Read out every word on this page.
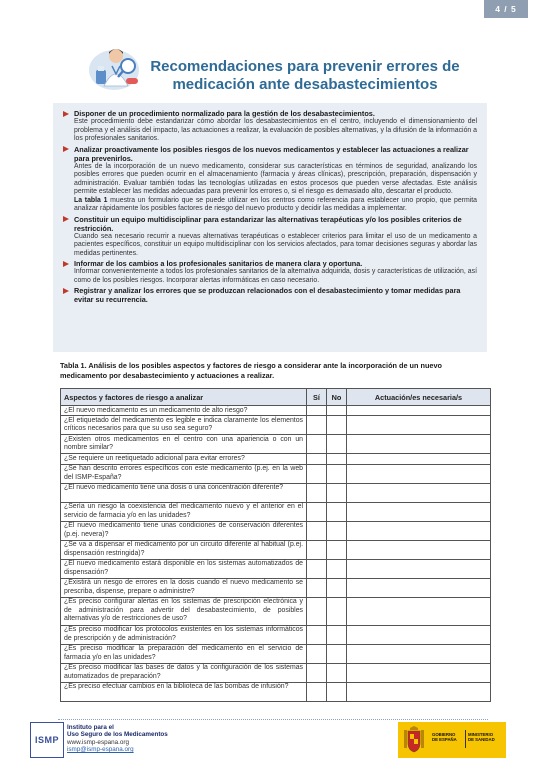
4 / 5
Recomendaciones para prevenir errores de
medicación ante desabastecimientos
Disponer de un procedimiento normalizado para la gestión de los desabastecimientos.

Este procedimiento debe estandarizar cómo abordar los desabastecimientos en el centro, incluyendo el dimensionamiento del problema y el análisis del impacto, las actuaciones a realizar, la evaluación de posibles alternativas, y la difusión de la información a los profesionales sanitarios.

Analizar proactivamente los posibles riesgos de los nuevos medicamentos y establecer las actuaciones a realizar para prevenirlos.

Antes de la incorporación de un nuevo medicamento, considerar sus características en términos de seguridad, analizando los posibles errores que pueden ocurrir en el almacenamiento (farmacia y áreas clínicas), prescripción, preparación, dispensación y administración. Evaluar también todas las tecnologías utilizadas en estos procesos que pueden verse afectadas. Este análisis permite establecer las medidas adecuadas para prevenir los errores o, si el riesgo es demasiado alto, descartar el producto.

La tabla 1 muestra un formulario que se puede utilizar en los centros como referencia para establecer uno propio, que permita analizar rápidamente los posibles factores de riesgo del nuevo producto y decidir las medidas a implementar.

Constituir un equipo multidisciplinar para estandarizar las alternativas terapéuticas y/o los posibles criterios de restricción.

Cuando sea necesario recurrir a nuevas alternativas terapéuticas o establecer criterios para limitar el uso de un medicamento a pacientes específicos, constituir un equipo multidisciplinar con los servicios afectados, para tomar decisiones seguras y abordar las medidas pertinentes.

Informar de los cambios a los profesionales sanitarios de manera clara y oportuna.

Informar convenientemente a todos los profesionales sanitarios de la alternativa adquirida, dosis y características de utilización, así como de los posibles riesgos. Incorporar alertas informáticas en caso necesario.

Registrar y analizar los errores que se produzcan relacionados con el desabastecimiento y tomar medidas para evitar su recurrencia.
Tabla 1. Análisis de los posibles aspectos y factores de riesgo a considerar ante la incorporación de un nuevo medicamento por desabastecimiento y actuaciones a realizar.
Aspectos y factores de riesgo a analizar	Sí	No	Actuación/es necesaria/s
¿El nuevo medicamento es un medicamento de alto riesgo?			
¿El etiquetado del medicamento es legible e indica claramente los elementos críticos necesarios para que su uso sea seguro?			
¿Existen otros medicamentos en el centro con una apariencia o con un nombre similar?			
¿Se requiere un reetiquetado adicional para evitar errores?			
¿Se han descrito errores específicos con este medicamento (p.ej. en la web del ISMP-España?			
¿El nuevo medicamento tiene una dosis o una concentración diferente?			
¿Sería un riesgo la coexistencia del medicamento nuevo y el anterior en el servicio de farmacia y/o en las unidades?			
¿El nuevo medicamento tiene unas condiciones de conservación diferentes (p.ej. nevera)?			
¿Se va a dispensar el medicamento por un circuito diferente al habitual (p.ej. dispensación restringida)?			
¿El nuevo medicamento estará disponible en los sistemas automatizados de dispensación?			
¿Existirá un riesgo de errores en la dosis cuando el nuevo medicamento se prescriba, dispense, prepare o administre?			
¿Es preciso configurar alertas en los sistemas de prescripción electrónica y de administración para advertir del desabastecimiento, de posibles alternativas y/o de restricciones de uso?			
¿Es preciso modificar los protocolos existentes en los sistemas informáticos de prescripción y de administración?			
¿Es preciso modificar la preparación del medicamento en el servicio de farmacia y/o en las unidades?			
¿Es preciso modificar las bases de datos y la configuración de los sistemas automatizados de preparación?			
¿Es preciso efectuar cambios en la biblioteca de las bombas de infusión?			
ISMP
Instituto para el
Uso Seguro de los Medicamentos
www.ismp-espana.org
ismp@ismp-espana.org
GOBIERNO
DE ESPAÑA
MINISTERIO
DE SANIDAD
